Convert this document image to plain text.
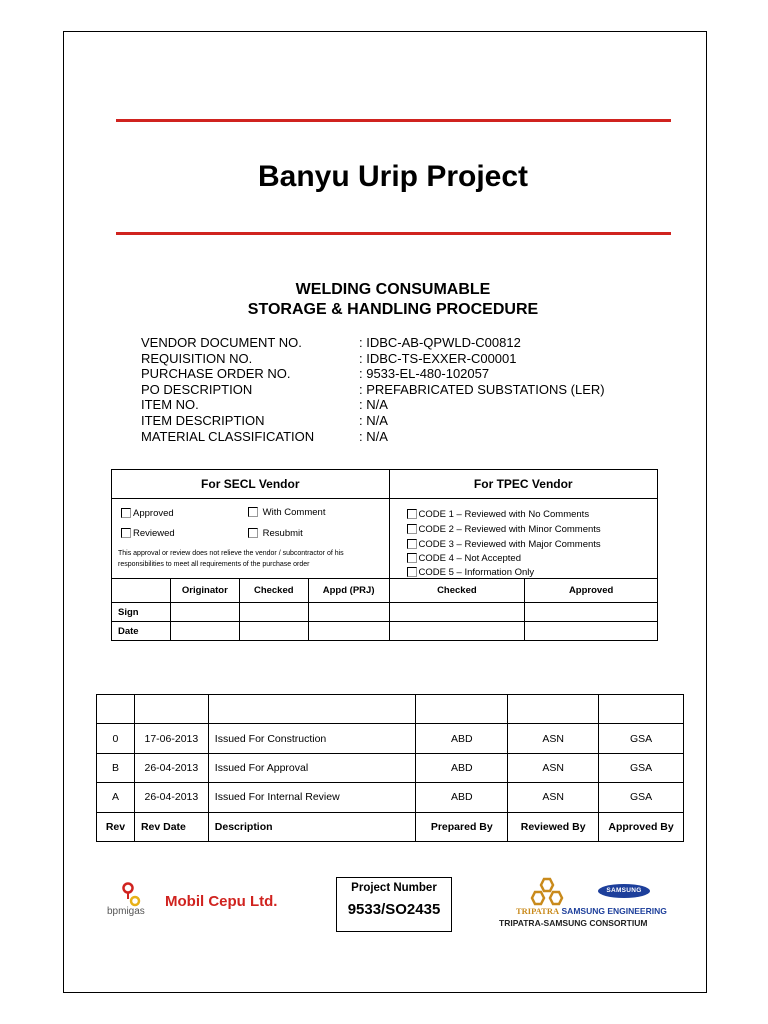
Banyu Urip Project
WELDING CONSUMABLE
STORAGE & HANDLING PROCEDURE
VENDOR DOCUMENT NO.	: IDBC-AB-QPWLD-C00812
REQUISITION NO.	: IDBC-TS-EXXER-C00001
PURCHASE ORDER NO.	: 9533-EL-480-102057
PO DESCRIPTION	: PREFABRICATED SUBSTATIONS (LER)
ITEM NO.	: N/A
ITEM DESCRIPTION	: N/A
MATERIAL CLASSIFICATION	: N/A
For SECL Vendor				For TPEC Vendor	

Approved With Comment
Reviewed Resubmit
This approval or review does not relieve the vendor / subcontractor of his responsibilities to meet all requirements of the purchase order				CODE 1 – Reviewed with No Comments
CODE 2 – Reviewed with Minor Comments
CODE 3 – Reviewed with Major Comments
CODE 4 – Not Accepted
CODE 5 – Information Only	

	Originator	Checked	Appd (PRJ)	Checked	Approved
Sign					
Date					

0	17-06-2013	Issued For Construction	ABD	ASN	GSA
B	26-04-2013	Issued For Approval	ABD	ASN	GSA
A	26-04-2013	Issued For Internal Review	ABD	ASN	GSA
Rev	Rev Date	Description	Prepared By	Reviewed By	Approved By
bpmigas
Mobil Cepu Ltd.
Project Number
9533/SO2435
SAMSUNG
TRIPATRA SAMSUNG ENGINEERING
TRIPATRA-SAMSUNG CONSORTIUM
